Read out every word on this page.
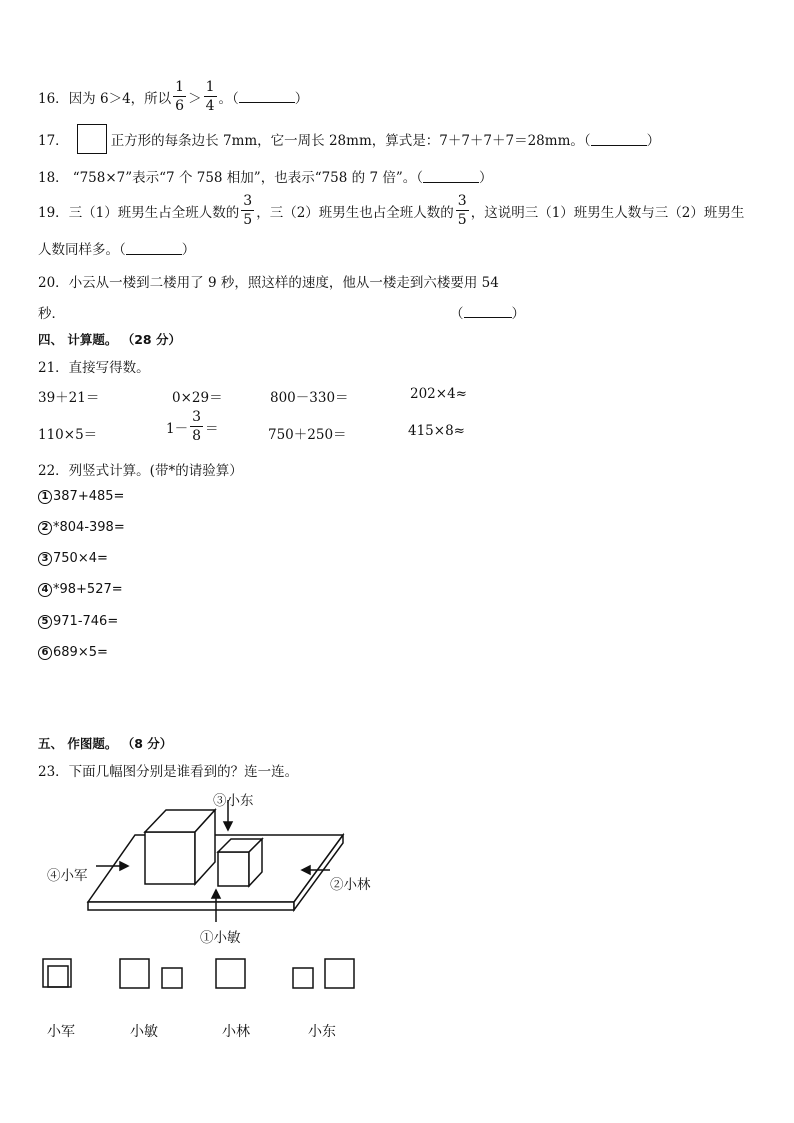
16． 因为 6＞4，所以 $\frac{1}{6} > \frac{1}{4}$ 。（	）
17．	正方形的每条边长 7mm，它一周长 28mm，算式是：7＋7＋7＋7＝28mm。（	）
18． “758×7”表示“7 个 758 相加”，也表示“758 的 7 倍”。（	）
19． 三（1）班男生占全班人数的 $\frac{3}{5}$ ，三（2）班男生也占全班人数的 $\frac{3}{5}$ ，这说明三（1）班男生人数与三（2）班男生
人数同样多。（	）
20． 小云从一楼到二楼用了 9 秒，照这样的速度，他从一楼走到六楼要用 54
秒．	（	）
四、 计算题。 （28 分）
21．直接写得数。
39＋21＝	0×29＝	800－330＝	202×4≈
110×5＝	$1- \frac{3}{8}$ ＝	750＋250＝	415×8≈
22．列竖式计算。(带*的请验算）
1 387+485=
2 *804-398=
3 750×4=
4 *98+527=
5 971-746=
6 689×5=
五、 作图题。 （8 分）
23．下面几幅图分别是谁看到的？连一连。
③小东
④小军
②小林
①小敏
小军	小敏	小林	小东
